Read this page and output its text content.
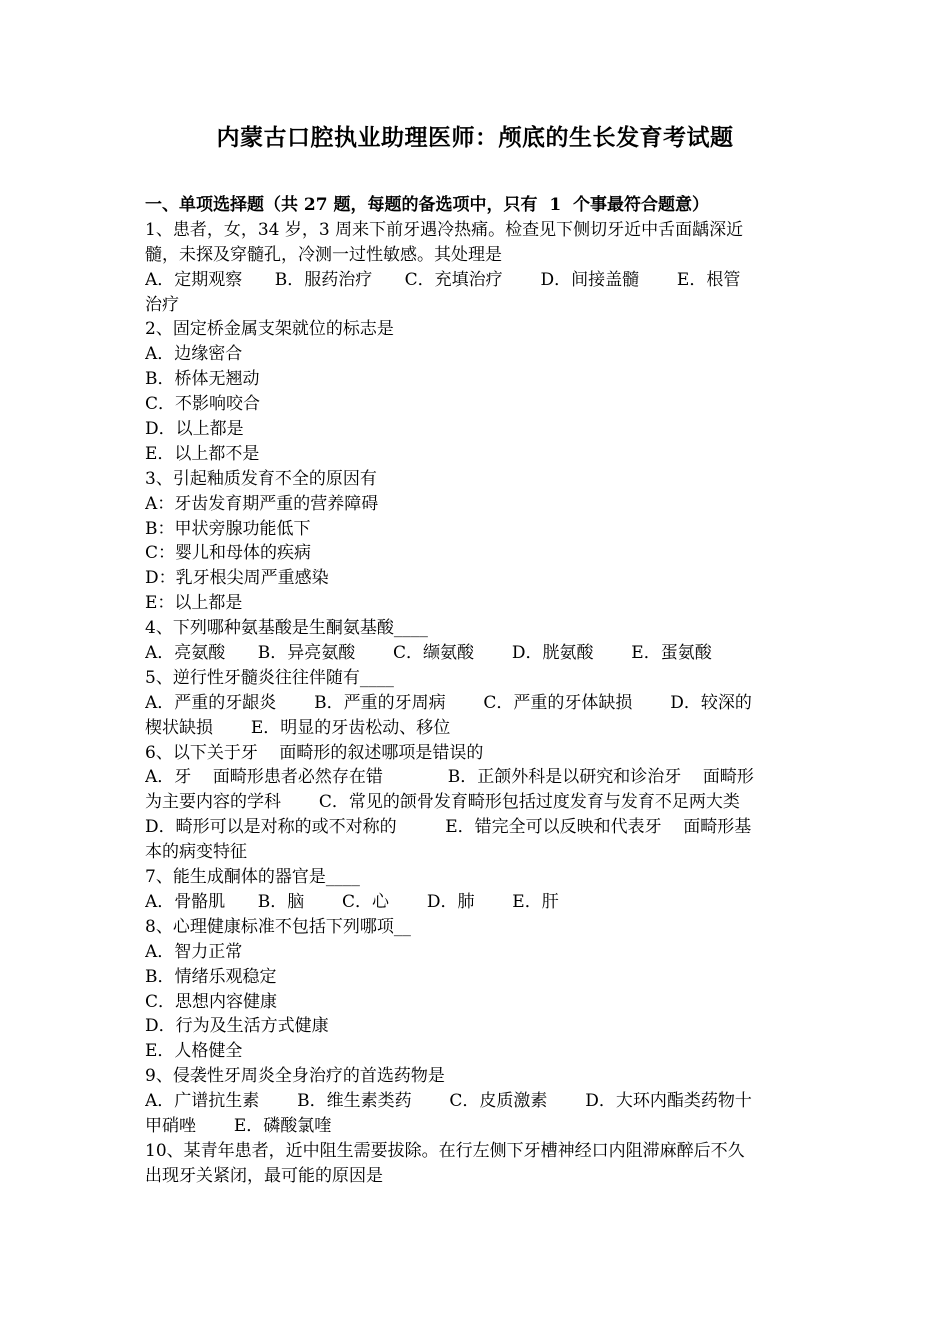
内蒙古口腔执业助理医师：颅底的生长发育考试题
一、单项选择题（共 27 题，每题的备选项中，只有  1  个事最符合题意）
1、患者，女，34 岁，3 周来下前牙遇冷热痛。检查见下侧切牙近中舌面龋深近
髓，未探及穿髓孔，冷测一过性敏感。其处理是
A．定期观察      B．服药治疗      C．充填治疗       D．间接盖髓       E．根管
治疗
2、固定桥金属支架就位的标志是
A．边缘密合
B．桥体无翘动
C．不影响咬合
D．以上都是
E．以上都不是
3、引起釉质发育不全的原因有
A：牙齿发育期严重的营养障碍
B：甲状旁腺功能低下
C：婴儿和母体的疾病
D：乳牙根尖周严重感染
E：以上都是
4、下列哪种氨基酸是生酮氨基酸____
A．亮氨酸      B．异亮氨酸       C．缬氨酸       D．胱氨酸       E．蛋氨酸
5、逆行性牙髓炎往往伴随有____
A．严重的牙龈炎       B．严重的牙周病       C．严重的牙体缺损       D．较深的
楔状缺损       E．明显的牙齿松动、移位
6、以下关于牙    面畸形的叙述哪项是错误的
A．牙    面畸形患者必然存在错            B．正颌外科是以研究和诊治牙    面畸形
为主要内容的学科       C．常见的颌骨发育畸形包括过度发育与发育不足两大类
D．畸形可以是对称的或不对称的         E．错完全可以反映和代表牙    面畸形基
本的病变特征
7、能生成酮体的器官是____
A．骨骼肌      B．脑       C．心       D．肺       E．肝
8、心理健康标准不包括下列哪项__
A．智力正常
B．情绪乐观稳定
C．思想内容健康
D．行为及生活方式健康
E．人格健全
9、侵袭性牙周炎全身治疗的首选药物是
A．广谱抗生素       B．维生素类药       C．皮质激素       D．大环内酯类药物十
甲硝唑       E．磷酸氯喹
10、某青年患者，近中阻生需要拔除。在行左侧下牙槽神经口内阻滞麻醉后不久
出现牙关紧闭，最可能的原因是
